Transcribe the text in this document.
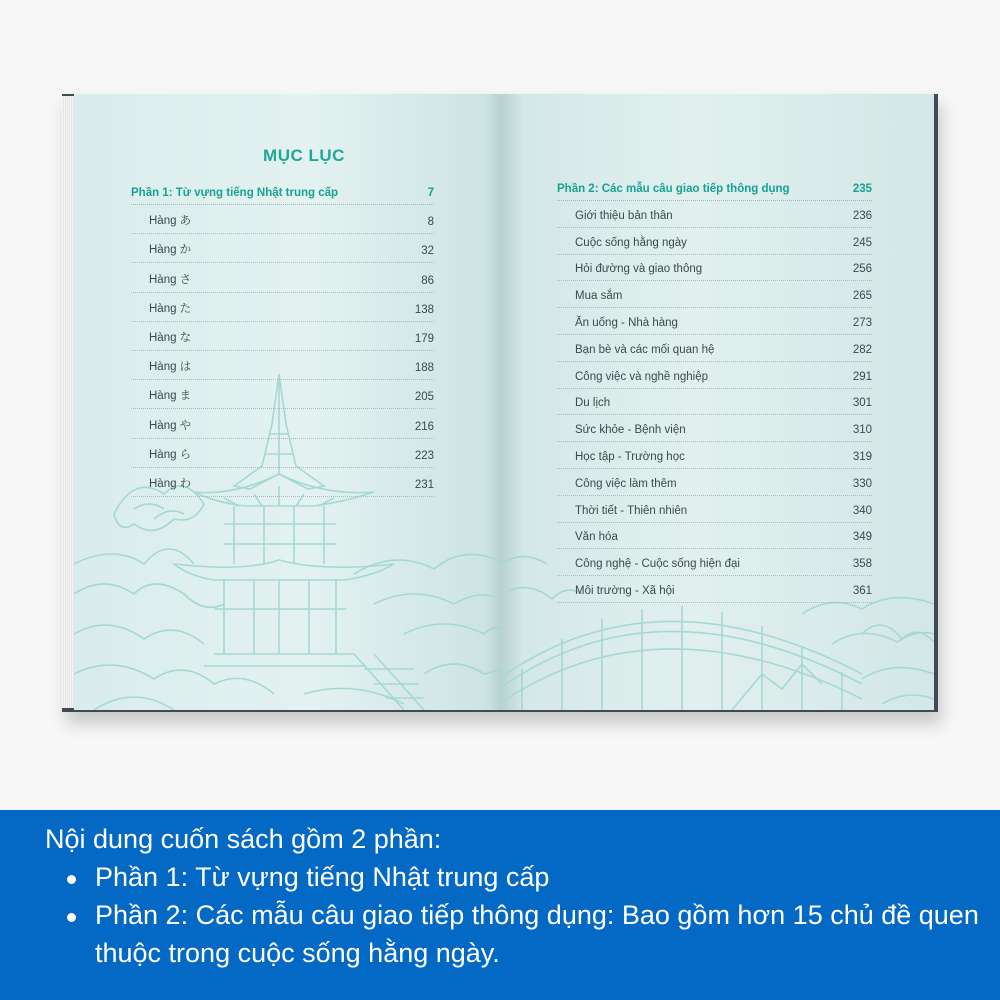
MỤC LỤC
Phần 1: Từ vựng tiếng Nhật trung cấp	7
Hàng あ	8
Hàng か	32
Hàng さ	86
Hàng た	138
Hàng な	179
Hàng は	188
Hàng ま	205
Hàng や	216
Hàng ら	223
Hàng わ	231
Phần 2: Các mẫu câu giao tiếp thông dụng	235
Giới thiệu bản thân	236
Cuộc sống hằng ngày	245
Hỏi đường và giao thông	256
Mua sắm	265
Ăn uống - Nhà hàng	273
Bạn bè và các mối quan hệ	282
Công việc và nghề nghiệp	291
Du lịch	301
Sức khỏe - Bệnh viện	310
Học tập - Trường học	319
Công việc làm thêm	330
Thời tiết - Thiên nhiên	340
Văn hóa	349
Công nghệ - Cuộc sống hiện đại	358
Môi trường - Xã hội	361

Nội dung cuốn sách gồm 2 phần:

Phần 1: Từ vựng tiếng Nhật trung cấp
Phần 2: Các mẫu câu giao tiếp thông dụng: Bao gồm hơn 15 chủ đề quen thuộc trong cuộc sống hằng ngày.
